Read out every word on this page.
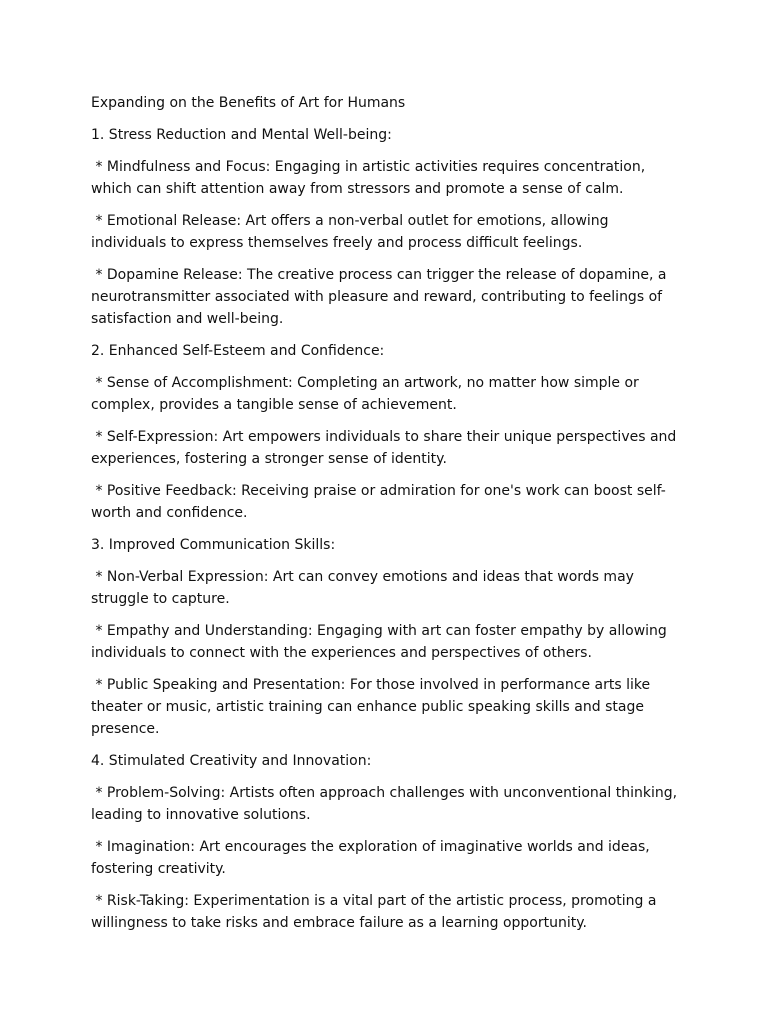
Expanding on the Benefits of Art for Humans

1. Stress Reduction and Mental Well-being:

* Mindfulness and Focus: Engaging in artistic activities requires concentration, which can shift attention away from stressors and promote a sense of calm.

* Emotional Release: Art offers a non-verbal outlet for emotions, allowing individuals to express themselves freely and process difficult feelings.

* Dopamine Release: The creative process can trigger the release of dopamine, a neurotransmitter associated with pleasure and reward, contributing to feelings of satisfaction and well-being.

2. Enhanced Self-Esteem and Confidence:

* Sense of Accomplishment: Completing an artwork, no matter how simple or complex, provides a tangible sense of achievement.

* Self-Expression: Art empowers individuals to share their unique perspectives and experiences, fostering a stronger sense of identity.

* Positive Feedback: Receiving praise or admiration for one's work can boost self-worth and confidence.

3. Improved Communication Skills:

* Non-Verbal Expression: Art can convey emotions and ideas that words may struggle to capture.

* Empathy and Understanding: Engaging with art can foster empathy by allowing individuals to connect with the experiences and perspectives of others.

* Public Speaking and Presentation: For those involved in performance arts like theater or music, artistic training can enhance public speaking skills and stage presence.

4. Stimulated Creativity and Innovation:

* Problem-Solving: Artists often approach challenges with unconventional thinking, leading to innovative solutions.

* Imagination: Art encourages the exploration of imaginative worlds and ideas, fostering creativity.

* Risk-Taking: Experimentation is a vital part of the artistic process, promoting a willingness to take risks and embrace failure as a learning opportunity.
